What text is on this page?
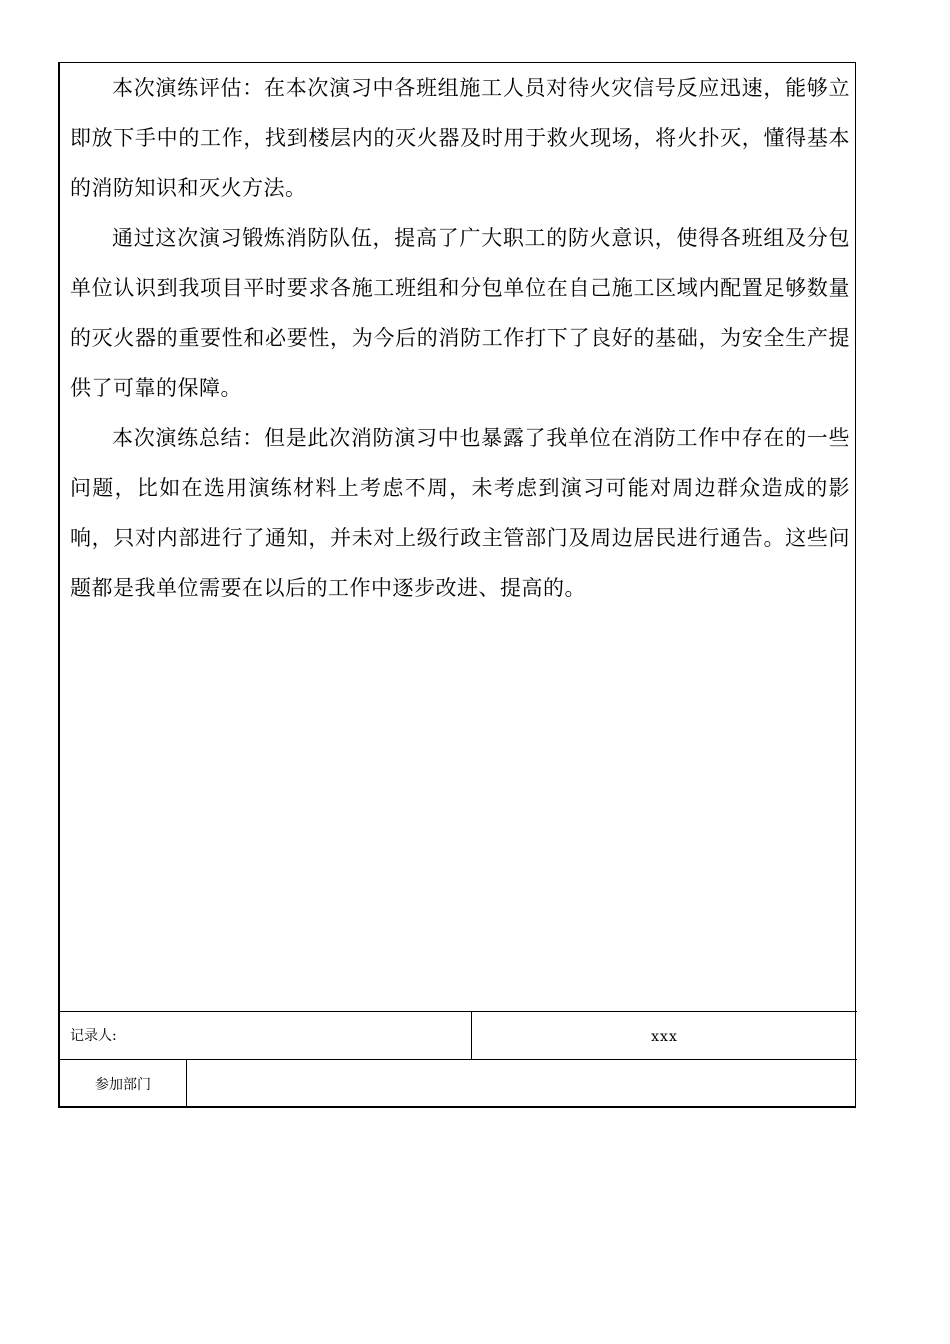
本次演练评估：在本次演习中各班组施工人员对待火灾信号反应迅速，能够立即放下手中的工作，找到楼层内的灭火器及时用于救火现场，将火扑灭，懂得基本的消防知识和灭火方法。

通过这次演习锻炼消防队伍，提高了广大职工的防火意识，使得各班组及分包单位认识到我项目平时要求各施工班组和分包单位在自己施工区域内配置足够数量的灭火器的重要性和必要性，为今后的消防工作打下了良好的基础，为安全生产提供了可靠的保障。

本次演练总结：但是此次消防演习中也暴露了我单位在消防工作中存在的一些问题，比如在选用演练材料上考虑不周，未考虑到演习可能对周边群众造成的影响，只对内部进行了通知，并未对上级行政主管部门及周边居民进行通告。这些问题都是我单位需要在以后的工作中逐步改进、提高的。

记录人:	xxx
参加部门
